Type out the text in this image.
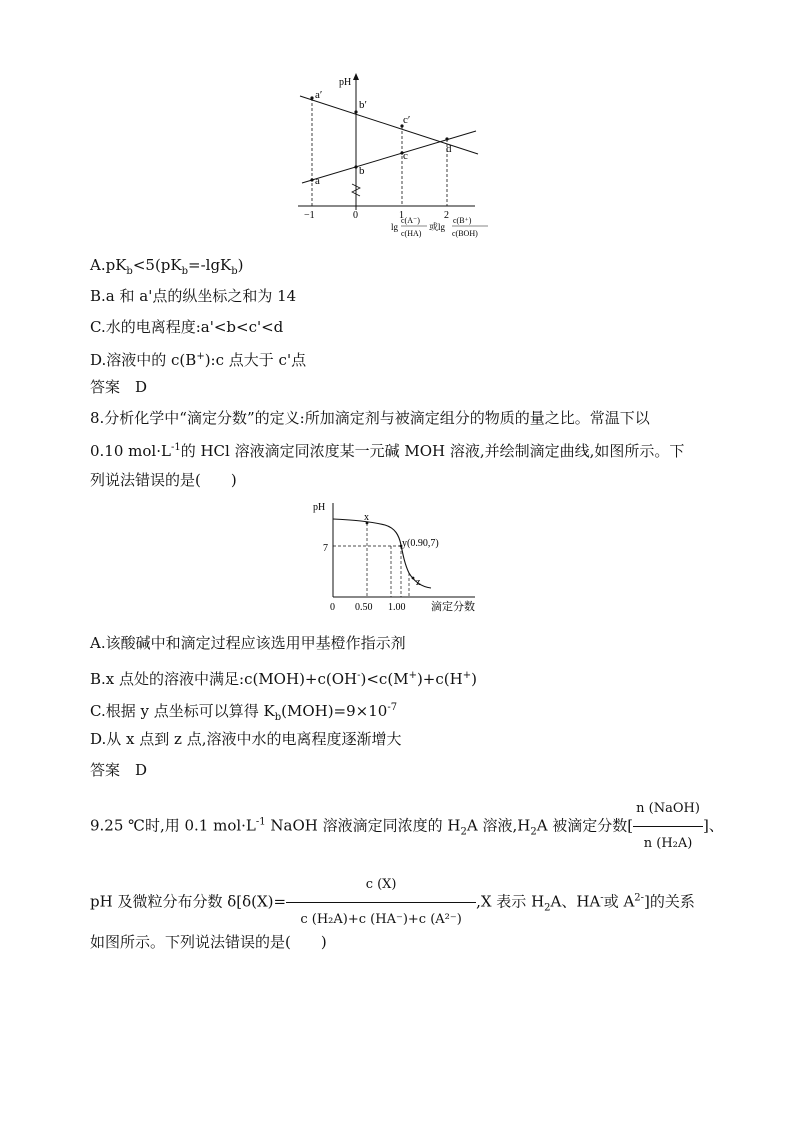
pH
a′
b′
c′
d
a
b
c
−1	0	1	2
lg
c(A⁻)
c(HA)
或lg
c(B⁺)
c(BOH)
$A.pK_b<5(pK_b=-\lg K_b)$
B.a 和 a'点的纵坐标之和为 14
C.水的电离程度:a'<b<c'<d
D.溶液中的 c(B+):c 点大于 c'点
答案　D
8.分析化学中“滴定分数”的定义:所加滴定剂与被滴定组分的物质的量之比。常温下以
0.10 $mol\cdot L^{-1}$的 HCl 溶液滴定同浓度某一元碱 MOH 溶液,并绘制滴定曲线,如图所示。下
列说法错误的是(　　)
pH
7
x
y(0.90,7)
z
0 0.50 1.00 滴定分数
A.该酸碱中和滴定过程应该选用甲基橙作指示剂
B.x 点处的溶液中满足:c(MOH)+c(OH-)<c(M+)+c(H+)
C.根据 y 点坐标可以算得 $K_b(MOH)=9\times 10^{-7}$
D.从 x 点到 z 点,溶液中水的电离程度逐渐增大
答案　D
9.25 ℃时,用 0.1 $mol\cdot L^{-1}$ NaOH 溶液滴定同浓度的 $H_2A$ 溶液$,H_2A$ 被滴定分数[ $\frac{\text{n (NaOH)}}{\text{n (H₂A)}}$ ]、
pH 及微粒分布分数 $\delta[\delta(X)= \frac{c (X)}{\text{c (H₂A)+c (HA⁻)+c (A²⁻)}} ,X$ 表示 $H_2A$、HA-或 $A^{2-}$]的关系
如图所示。下列说法错误的是(　　)
